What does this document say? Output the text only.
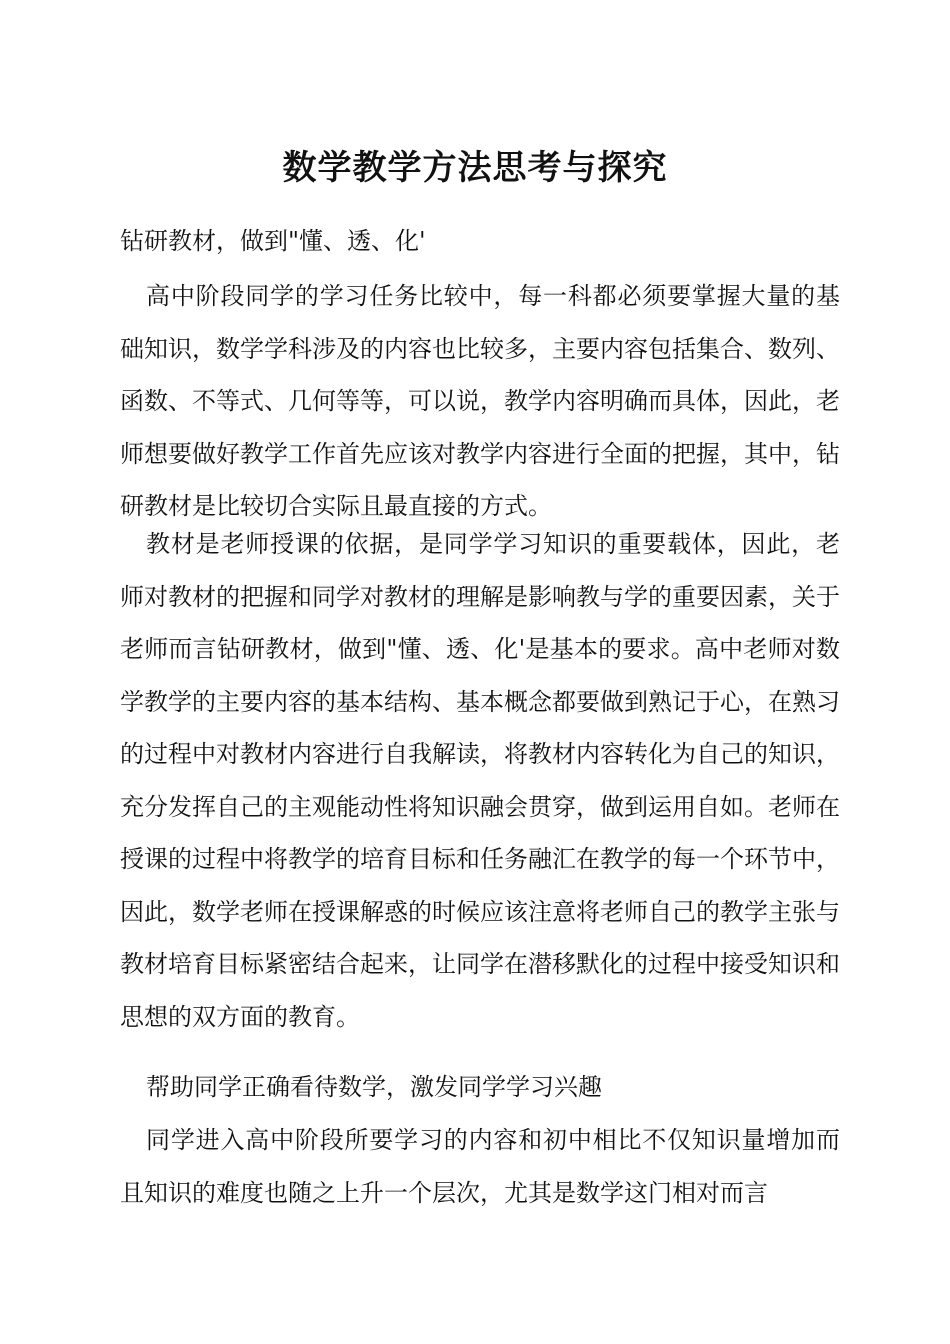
数学教学方法思考与探究

钻研教材，做到"懂、透、化'

高中阶段同学的学习任务比较中，每一科都必须要掌握大量的基础知识，数学学科涉及的内容也比较多，主要内容包括集合、数列、函数、不等式、几何等等，可以说，教学内容明确而具体，因此，老师想要做好教学工作首先应该对教学内容进行全面的把握，其中，钻研教材是比较切合实际且最直接的方式。

教材是老师授课的依据，是同学学习知识的重要载体，因此，老师对教材的把握和同学对教材的理解是影响教与学的重要因素，关于老师而言钻研教材，做到"懂、透、化'是基本的要求。高中老师对数学教学的主要内容的基本结构、基本概念都要做到熟记于心，在熟习的过程中对教材内容进行自我解读，将教材内容转化为自己的知识，充分发挥自己的主观能动性将知识融会贯穿，做到运用自如。老师在授课的过程中将教学的培育目标和任务融汇在教学的每一个环节中，因此，数学老师在授课解惑的时候应该注意将老师自己的教学主张与教材培育目标紧密结合起来，让同学在潜移默化的过程中接受知识和思想的双方面的教育。

帮助同学正确看待数学，激发同学学习兴趣

同学进入高中阶段所要学习的内容和初中相比不仅知识量增加而且知识的难度也随之上升一个层次，尤其是数学这门相对而言
